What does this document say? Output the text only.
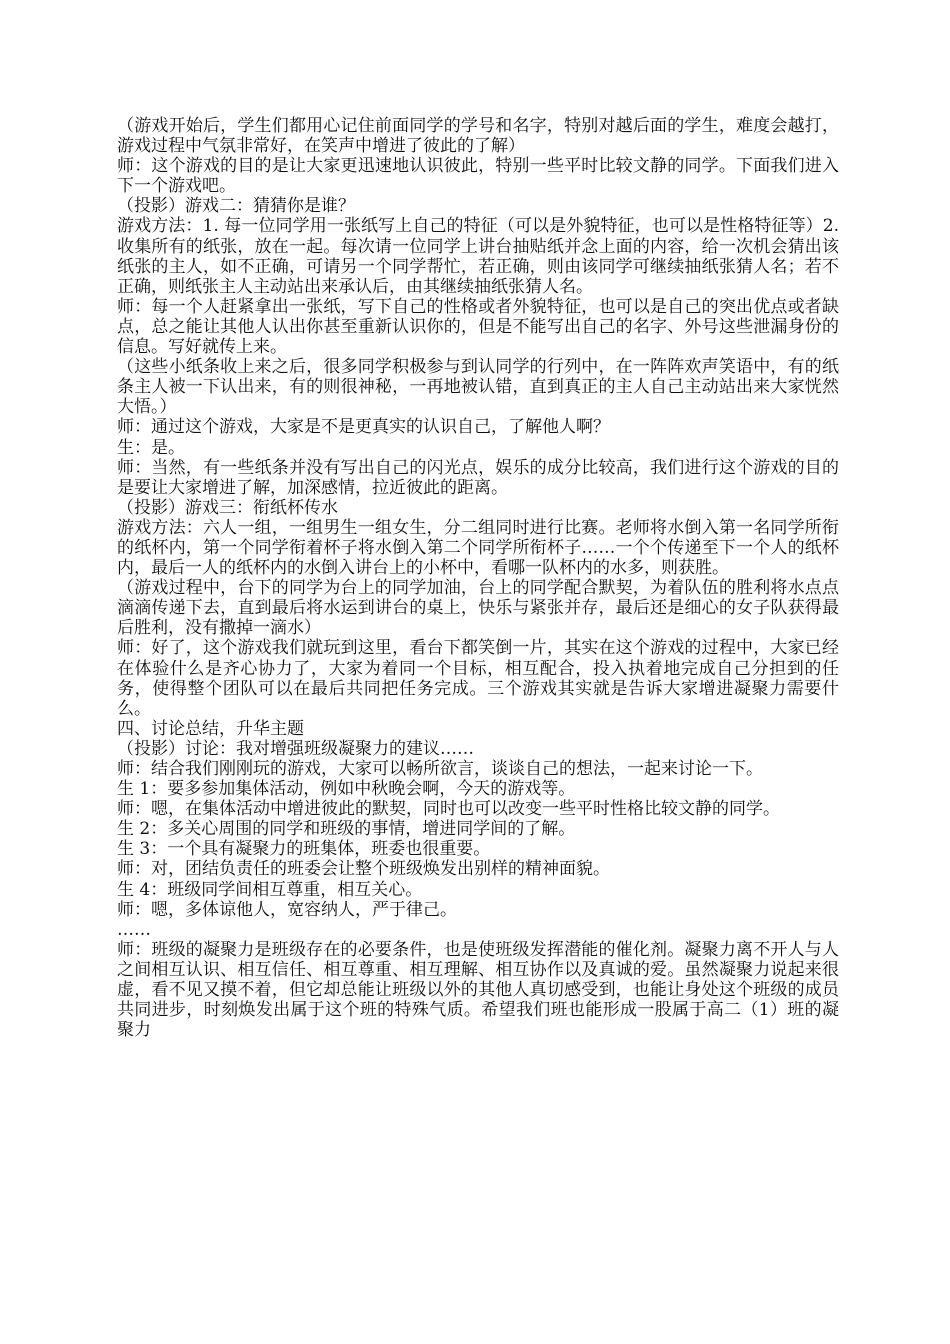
（游戏开始后，学生们都用心记住前面同学的学号和名字，特别对越后面的学生，难度会越打，游戏过程中气氛非常好，在笑声中增进了彼此的了解）

师：这个游戏的目的是让大家更迅速地认识彼此，特别一些平时比较文静的同学。下面我们进入下一个游戏吧。

（投影）游戏二：猜猜你是谁？

游戏方法：1. 每一位同学用一张纸写上自己的特征（可以是外貌特征，也可以是性格特征等）2. 收集所有的纸张，放在一起。每次请一位同学上讲台抽贴纸并念上面的内容，给一次机会猜出该纸张的主人，如不正确，可请另一个同学帮忙，若正确，则由该同学可继续抽纸张猜人名；若不正确，则纸张主人主动站出来承认后，由其继续抽纸张猜人名。

师：每一个人赶紧拿出一张纸，写下自己的性格或者外貌特征，也可以是自己的突出优点或者缺点，总之能让其他人认出你甚至重新认识你的，但是不能写出自己的名字、外号这些泄漏身份的信息。写好就传上来。

（这些小纸条收上来之后，很多同学积极参与到认同学的行列中，在一阵阵欢声笑语中，有的纸条主人被一下认出来，有的则很神秘，一再地被认错，直到真正的主人自己主动站出来大家恍然大悟。）

师：通过这个游戏，大家是不是更真实的认识自己，了解他人啊？

生：是。

师：当然，有一些纸条并没有写出自己的闪光点，娱乐的成分比较高，我们进行这个游戏的目的是要让大家增进了解，加深感情，拉近彼此的距离。

（投影）游戏三：衔纸杯传水

游戏方法：六人一组，一组男生一组女生，分二组同时进行比赛。老师将水倒入第一名同学所衔的纸杯内，第一个同学衔着杯子将水倒入第二个同学所衔杯子……一个个传递至下一个人的纸杯内，最后一人的纸杯内的水倒入讲台上的小杯中，看哪一队杯内的水多，则获胜。

（游戏过程中，台下的同学为台上的同学加油，台上的同学配合默契，为着队伍的胜利将水点点滴滴传递下去，直到最后将水运到讲台的桌上，快乐与紧张并存，最后还是细心的女子队获得最后胜利，没有撒掉一滴水）

师：好了，这个游戏我们就玩到这里，看台下都笑倒一片，其实在这个游戏的过程中，大家已经在体验什么是齐心协力了，大家为着同一个目标，相互配合，投入执着地完成自己分担到的任务，使得整个团队可以在最后共同把任务完成。三个游戏其实就是告诉大家增进凝聚力需要什么。

四、讨论总结，升华主题

（投影）讨论：我对增强班级凝聚力的建议……

师：结合我们刚刚玩的游戏，大家可以畅所欲言，谈谈自己的想法，一起来讨论一下。

生 1：要多参加集体活动，例如中秋晚会啊，今天的游戏等。

师：嗯，在集体活动中增进彼此的默契，同时也可以改变一些平时性格比较文静的同学。

生 2：多关心周围的同学和班级的事情，增进同学间的了解。

生 3：一个具有凝聚力的班集体，班委也很重要。

师：对，团结负责任的班委会让整个班级焕发出别样的精神面貌。

生 4：班级同学间相互尊重，相互关心。

师：嗯，多体谅他人，宽容纳人，严于律己。

……

师：班级的凝聚力是班级存在的必要条件，也是使班级发挥潜能的催化剂。凝聚力离不开人与人之间相互认识、相互信任、相互尊重、相互理解、相互协作以及真诚的爱。虽然凝聚力说起来很虚，看不见又摸不着，但它却总能让班级以外的其他人真切感受到，也能让身处这个班级的成员共同进步，时刻焕发出属于这个班的特殊气质。希望我们班也能形成一股属于高二（1）班的凝聚力
